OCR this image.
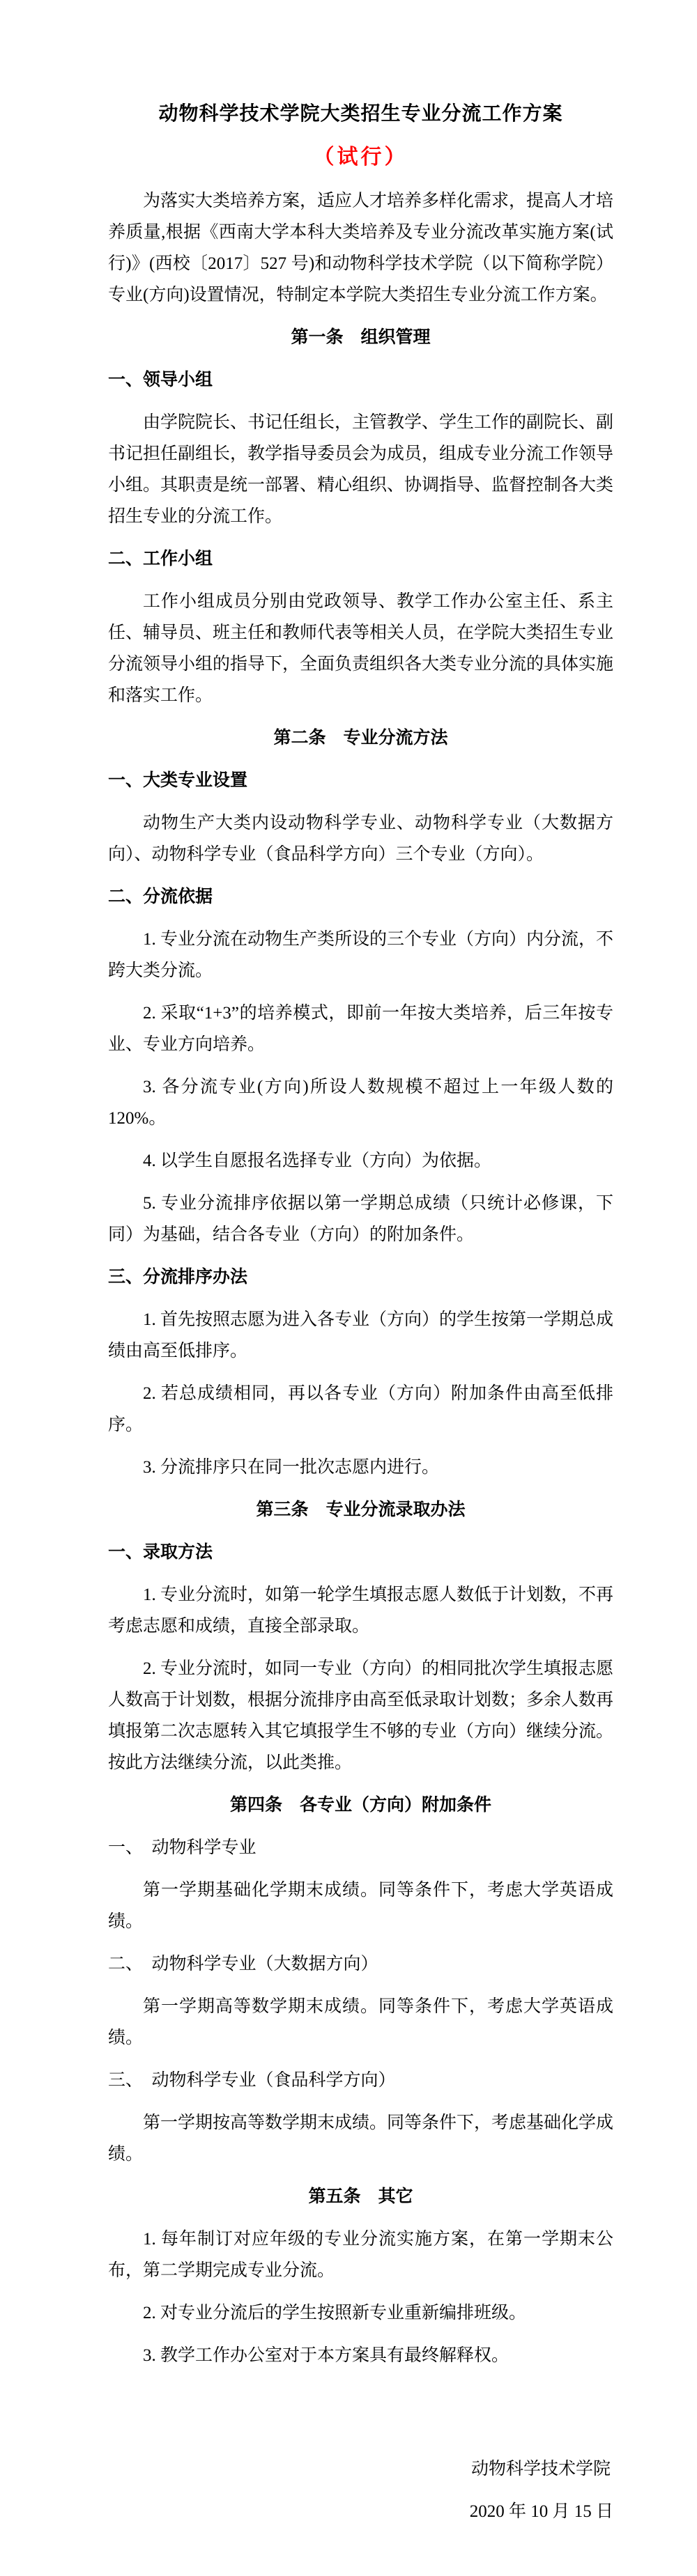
动物科学技术学院大类招生专业分流工作方案
（试行）

为落实大类培养方案，适应人才培养多样化需求，提高人才培养质量,根据《西南大学本科大类培养及专业分流改革实施方案(试行)》(西校〔2017〕527 号)和动物科学技术学院（以下简称学院）专业(方向)设置情况，特制定本学院大类招生专业分流工作方案。

第一条　组织管理
一、领导小组

由学院院长、书记任组长，主管教学、学生工作的副院长、副书记担任副组长，教学指导委员会为成员，组成专业分流工作领导小组。其职责是统一部署、精心组织、协调指导、监督控制各大类招生专业的分流工作。

二、工作小组

工作小组成员分别由党政领导、教学工作办公室主任、系主任、辅导员、班主任和教师代表等相关人员，在学院大类招生专业分流领导小组的指导下，全面负责组织各大类专业分流的具体实施和落实工作。

第二条　专业分流方法
一、大类专业设置

动物生产大类内设动物科学专业、动物科学专业（大数据方向）、动物科学专业（食品科学方向）三个专业（方向）。

二、分流依据

1. 专业分流在动物生产类所设的三个专业（方向）内分流，不跨大类分流。

2. 采取“1+3”的培养模式，即前一年按大类培养，后三年按专业、专业方向培养。

3. 各分流专业(方向)所设人数规模不超过上一年级人数的 120%。

4. 以学生自愿报名选择专业（方向）为依据。

5. 专业分流排序依据以第一学期总成绩（只统计必修课，下同）为基础，结合各专业（方向）的附加条件。

三、分流排序办法

1. 首先按照志愿为进入各专业（方向）的学生按第一学期总成绩由高至低排序。

2. 若总成绩相同，再以各专业（方向）附加条件由高至低排序。

3. 分流排序只在同一批次志愿内进行。

第三条　专业分流录取办法
一、录取方法

1. 专业分流时，如第一轮学生填报志愿人数低于计划数，不再考虑志愿和成绩，直接全部录取。

2. 专业分流时，如同一专业（方向）的相同批次学生填报志愿人数高于计划数，根据分流排序由高至低录取计划数；多余人数再填报第二次志愿转入其它填报学生不够的专业（方向）继续分流。按此方法继续分流，以此类推。

第四条　各专业（方向）附加条件
一、　动物科学专业

第一学期基础化学期末成绩。同等条件下，考虑大学英语成绩。

二、　动物科学专业（大数据方向）

第一学期高等数学期末成绩。同等条件下，考虑大学英语成绩。

三、　动物科学专业（食品科学方向）

第一学期按高等数学期末成绩。同等条件下，考虑基础化学成绩。

第五条　其它

1. 每年制订对应年级的专业分流实施方案，在第一学期末公布，第二学期完成专业分流。

2. 对专业分流后的学生按照新专业重新编排班级。

3. 教学工作办公室对于本方案具有最终解释权。

动物科学技术学院
2020 年 10 月 15 日
